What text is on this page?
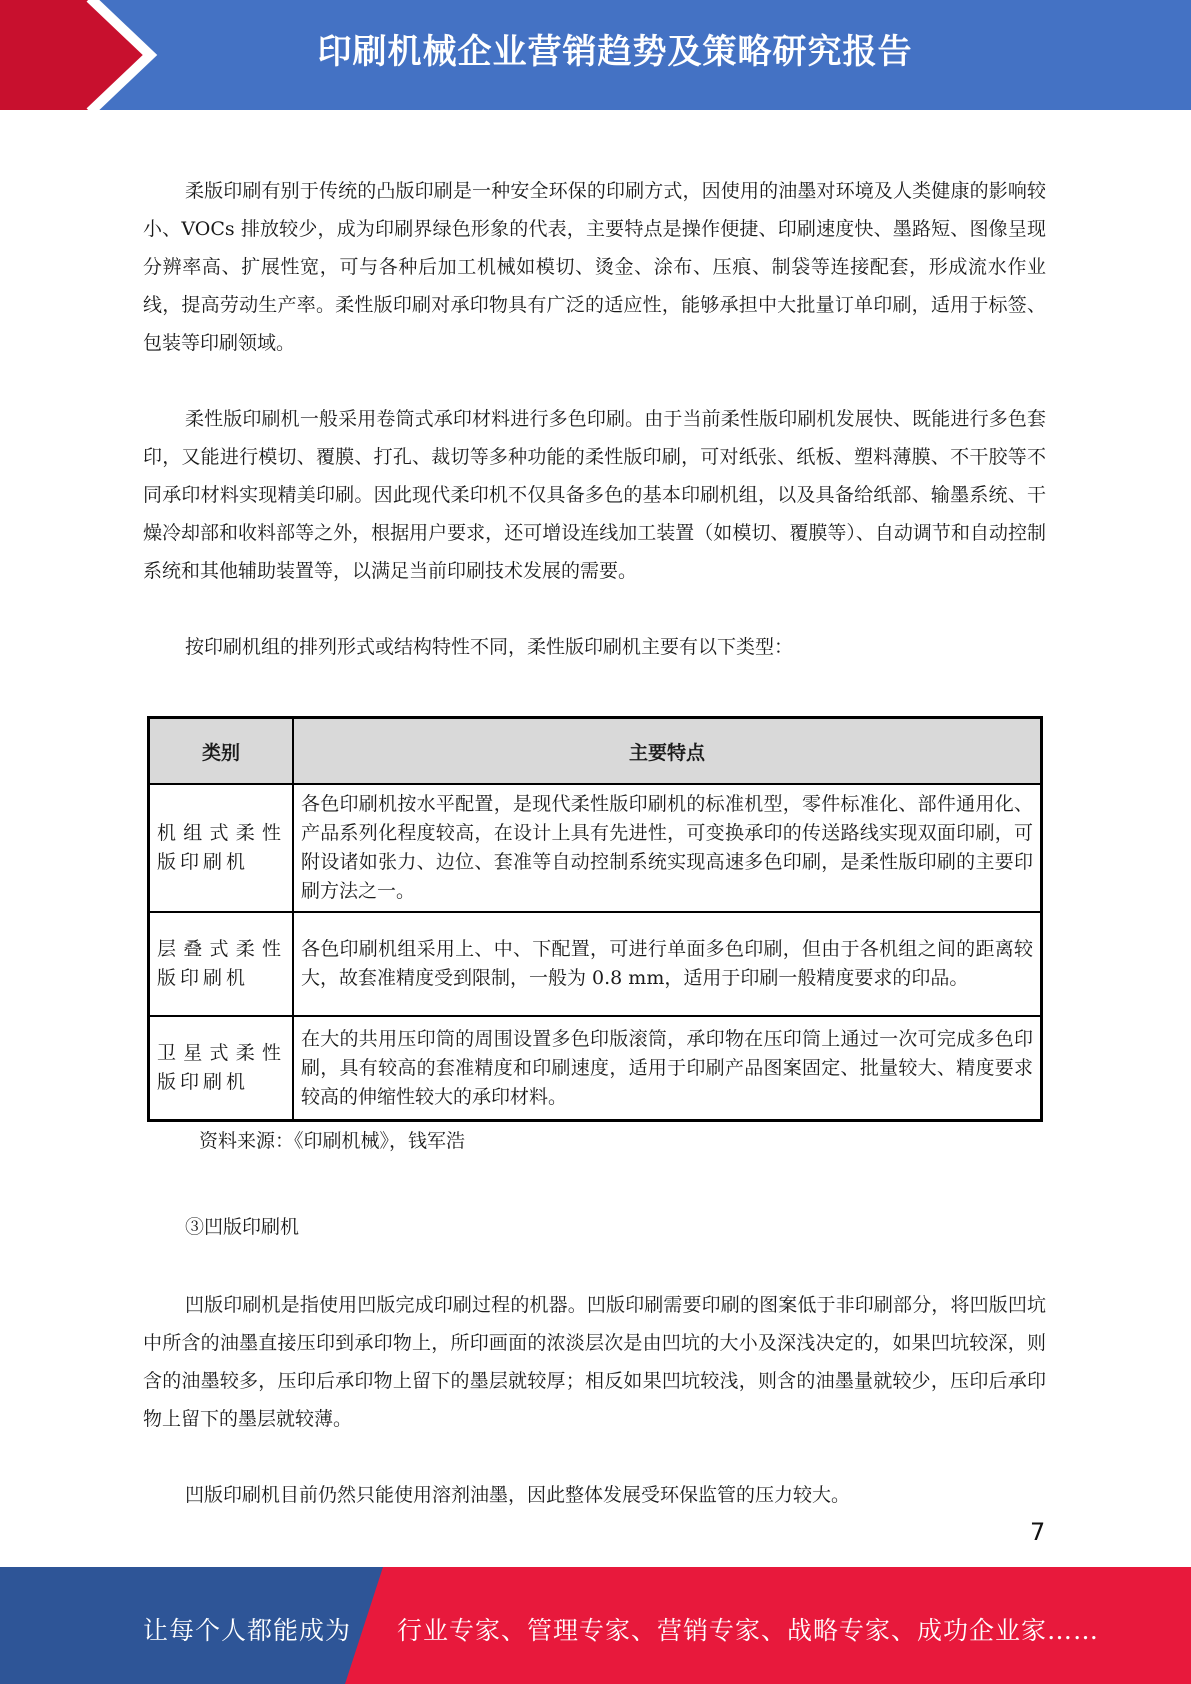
印刷机械企业营销趋势及策略研究报告

柔版印刷有别于传统的凸版印刷是一种安全环保的印刷方式，因使用的油墨对环境及人类健康的影响较小、VOCs 排放较少，成为印刷界绿色形象的代表，主要特点是操作便捷、印刷速度快、墨路短、图像呈现分辨率高、扩展性宽，可与各种后加工机械如模切、烫金、涂布、压痕、制袋等连接配套，形成流水作业线，提高劳动生产率。柔性版印刷对承印物具有广泛的适应性，能够承担中大批量订单印刷，适用于标签、包装等印刷领域。

柔性版印刷机一般采用卷筒式承印材料进行多色印刷。由于当前柔性版印刷机发展快、既能进行多色套印，又能进行模切、覆膜、打孔、裁切等多种功能的柔性版印刷，可对纸张、纸板、塑料薄膜、不干胶等不同承印材料实现精美印刷。因此现代柔印机不仅具备多色的基本印刷机组，以及具备给纸部、输墨系统、干燥冷却部和收料部等之外，根据用户要求，还可增设连线加工装置（如模切、覆膜等）、自动调节和自动控制系统和其他辅助装置等，以满足当前印刷技术发展的需要。

按印刷机组的排列形式或结构特性不同，柔性版印刷机主要有以下类型：

类别	主要特点
机组式柔性版印刷机	各色印刷机按水平配置，是现代柔性版印刷机的标准机型，零件标准化、部件通用化、产品系列化程度较高，在设计上具有先进性，可变换承印的传送路线实现双面印刷，可附设诸如张力、边位、套准等自动控制系统实现高速多色印刷，是柔性版印刷的主要印刷方法之一。
层叠式柔性版印刷机	各色印刷机组采用上、中、下配置，可进行单面多色印刷，但由于各机组之间的距离较大，故套准精度受到限制，一般为 0.8 mm，适用于印刷一般精度要求的印品。
卫星式柔性版印刷机	在大的共用压印筒的周围设置多色印版滚筒，承印物在压印筒上通过一次可完成多色印刷，具有较高的套准精度和印刷速度，适用于印刷产品图案固定、批量较大、精度要求较高的伸缩性较大的承印材料。
资料来源：《印刷机械》，钱军浩
③凹版印刷机

凹版印刷机是指使用凹版完成印刷过程的机器。凹版印刷需要印刷的图案低于非印刷部分，将凹版凹坑中所含的油墨直接压印到承印物上，所印画面的浓淡层次是由凹坑的大小及深浅决定的，如果凹坑较深，则含的油墨较多，压印后承印物上留下的墨层就较厚；相反如果凹坑较浅，则含的油墨量就较少，压印后承印物上留下的墨层就较薄。

凹版印刷机目前仍然只能使用溶剂油墨，因此整体发展受环保监管的压力较大。

7
让每个人都能成为 行业专家、管理专家、营销专家、战略专家、成功企业家……
